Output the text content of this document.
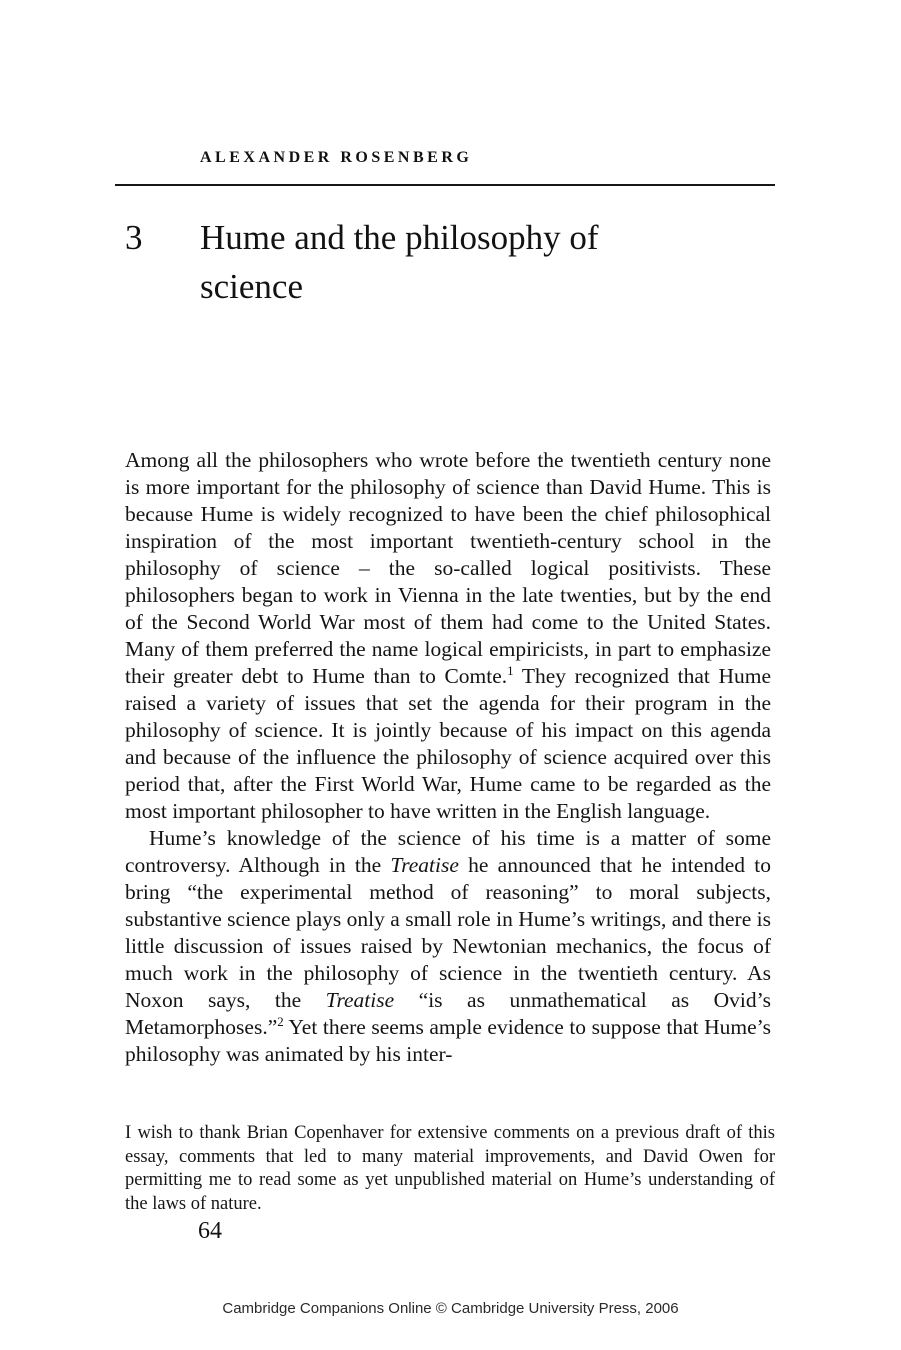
ALEXANDER ROSENBERG
3	Hume and the philosophy of science

Among all the philosophers who wrote before the twentieth century none is more important for the philosophy of science than David Hume. This is because Hume is widely recognized to have been the chief philosophical inspiration of the most important twentieth-century school in the philosophy of science – the so-called logical positivists. These philosophers began to work in Vienna in the late twenties, but by the end of the Second World War most of them had come to the United States. Many of them preferred the name logical empiricists, in part to emphasize their greater debt to Hume than to Comte.$^1$ They recognized that Hume raised a variety of issues that set the agenda for their program in the philosophy of science. It is jointly because of his impact on this agenda and because of the influence the philosophy of science acquired over this period that, after the First World War, Hume came to be regarded as the most important philosopher to have written in the English language.

Hume’s knowledge of the science of his time is a matter of some controversy. Although in the Treatise he announced that he intended to bring “the experimental method of reasoning” to moral subjects, substantive science plays only a small role in Hume’s writings, and there is little discussion of issues raised by Newtonian mechanics, the focus of much work in the philosophy of science in the twentieth century. As Noxon says, the Treatise “is as unmathematical as Ovid’s Metamorphoses.”$^2$ Yet there seems ample evidence to suppose that Hume’s philosophy was animated by his inter-

I wish to thank Brian Copenhaver for extensive comments on a previous draft of this essay, comments that led to many material improvements, and David Owen for permitting me to read some as yet unpublished material on Hume’s understanding of the laws of nature.
64
Cambridge Companions Online © Cambridge University Press, 2006
